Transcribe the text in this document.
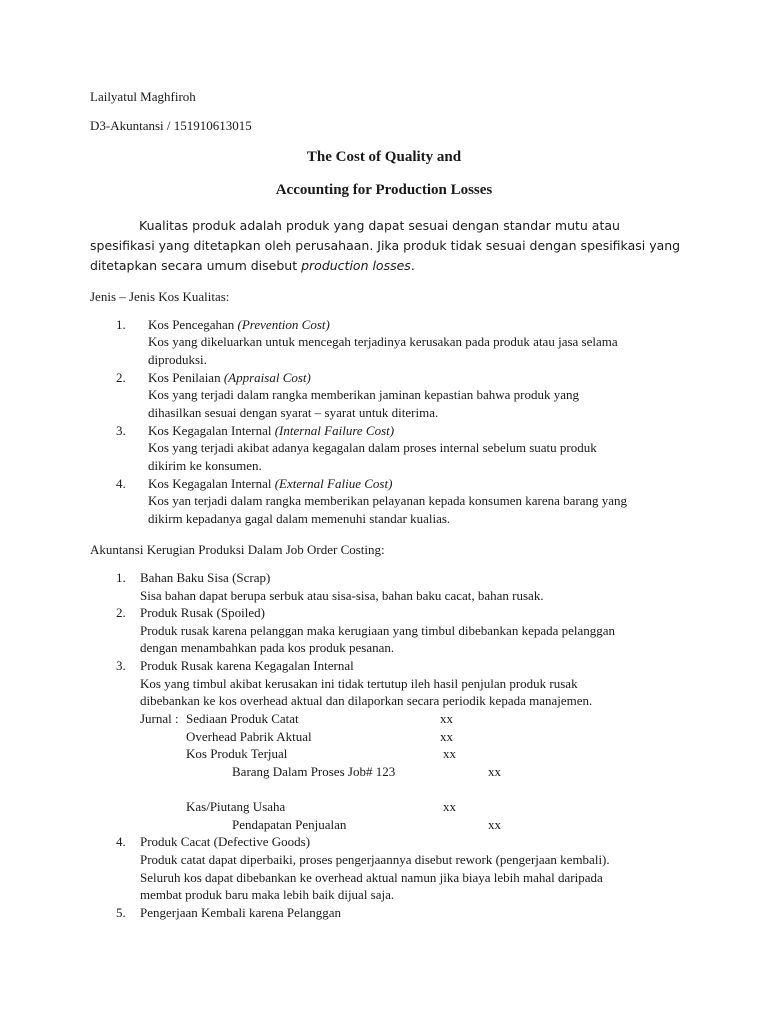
Lailyatul Maghfiroh
D3-Akuntansi / 151910613015
The Cost of Quality and
Accounting for Production Losses
Kualitas produk adalah produk yang dapat sesuai dengan standar mutu atau
spesifikasi yang ditetapkan oleh perusahaan. Jika produk tidak sesuai dengan spesifikasi yang
ditetapkan secara umum disebut production losses.
Jenis – Jenis Kos Kualitas:
1. Kos Pencegahan (Prevention Cost)
Kos yang dikeluarkan untuk mencegah terjadinya kerusakan pada produk atau jasa selama
diproduksi.
2. Kos Penilaian (Appraisal Cost)
Kos yang terjadi dalam rangka memberikan jaminan kepastian bahwa produk yang
dihasilkan sesuai dengan syarat – syarat untuk diterima.
3. Kos Kegagalan Internal (Internal Failure Cost)
Kos yang terjadi akibat adanya kegagalan dalam proses internal sebelum suatu produk
dikirim ke konsumen.
4. Kos Kegagalan Internal (External Faliue Cost)
Kos yan terjadi dalam rangka memberikan pelayanan kepada konsumen karena barang yang
dikirm kepadanya gagal dalam memenuhi standar kualias.
Akuntansi Kerugian Produksi Dalam Job Order Costing:
1. Bahan Baku Sisa (Scrap)
Sisa bahan dapat berupa serbuk atau sisa-sisa, bahan baku cacat, bahan rusak.
2. Produk Rusak (Spoiled)
Produk rusak karena pelanggan maka kerugiaan yang timbul dibebankan kepada pelanggan
dengan menambahkan pada kos produk pesanan.
3. Produk Rusak karena Kegagalan Internal
Kos yang timbul akibat kerusakan ini tidak tertutup ileh hasil penjulan produk rusak
dibebankan ke kos overhead aktual dan dilaporkan secara periodik kepada manajemen.
Jurnal : Sediaan Produk Catat	xx
Overhead Pabrik Aktual	xx
Kos Produk Terjual	xx
Barang Dalam Proses Job# 123	xx
Kas/Piutang Usaha	xx
Pendapatan Penjualan	xx
4. Produk Cacat (Defective Goods)
Produk catat dapat diperbaiki, proses pengerjaannya disebut rework (pengerjaan kembali).
Seluruh kos dapat dibebankan ke overhead aktual namun jika biaya lebih mahal daripada
membat produk baru maka lebih baik dijual saja.
5. Pengerjaan Kembali karena Pelanggan
